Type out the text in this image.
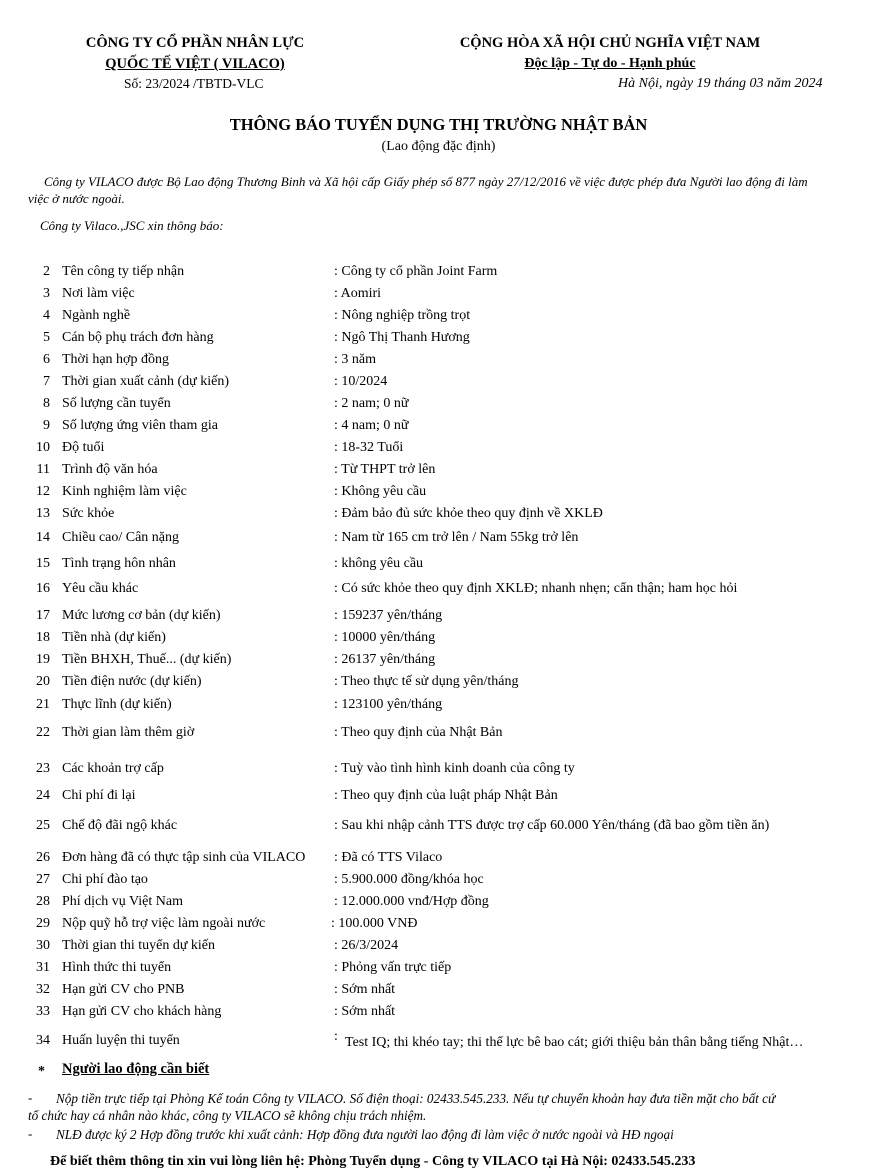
CÔNG TY CỔ PHẦN NHÂN LỰC
QUỐC TẾ VIỆT ( VILACO)
Số: 23/2024 /TBTD-VLC
CỘNG HÒA XÃ HỘI CHỦ NGHĨA VIỆT NAM
Độc lập - Tự do - Hạnh phúc
Hà Nội, ngày 19 tháng 03 năm 2024
THÔNG BÁO TUYỂN DỤNG THỊ TRƯỜNG NHẬT BẢN
(Lao động đặc định)
Công ty VILACO được Bộ Lao động Thương Binh và Xã hội cấp Giấy phép số 877 ngày 27/12/2016 về việc được phép đưa Người lao động đi làm
việc ở nước ngoài.
Công ty Vilaco.,JSC xin thông báo:
2 Tên công ty tiếp nhận	: Công ty cổ phần Joint Farm
3 Nơi làm việc	: Aomiri
4 Ngành nghề	: Nông nghiệp trồng trọt
5 Cán bộ phụ trách đơn hàng	: Ngô Thị Thanh Hương
6 Thời hạn hợp đồng	: 3 năm
7 Thời gian xuất cảnh (dự kiến)	: 10/2024
8 Số lượng cần tuyển	: 2 nam; 0 nữ
9 Số lượng ứng viên tham gia	: 4 nam; 0 nữ
10 Độ tuổi	: 18-32 Tuổi
11 Trình độ văn hóa	: Từ THPT trở lên
12 Kinh nghiệm làm việc	: Không yêu cầu
13 Sức khỏe	: Đảm bảo đủ sức khỏe theo quy định về XKLĐ
14 Chiều cao/ Cân nặng	: Nam từ 165 cm trở lên / Nam 55kg trở lên
15 Tình trạng hôn nhân	: không yêu cầu
16 Yêu cầu khác	: Có sức khỏe theo quy định XKLĐ; nhanh nhẹn; cẩn thận; ham học hỏi
17 Mức lương cơ bản (dự kiến)	: 159237 yên/tháng
18 Tiền nhà (dự kiến)	: 10000 yên/tháng
19 Tiền BHXH, Thuế... (dự kiến)	: 26137 yên/tháng
20 Tiền điện nước (dự kiến)	: Theo thực tế sử dụng yên/tháng
21 Thực lĩnh (dự kiến)	: 123100 yên/tháng
22 Thời gian làm thêm giờ	: Theo quy định của Nhật Bản
23 Các khoản trợ cấp	: Tuỳ vào tình hình kinh doanh của công ty
24 Chi phí đi lại	: Theo quy định của luật pháp Nhật Bản
25 Chế độ đãi ngộ khác	: Sau khi nhập cảnh TTS được trợ cấp 60.000 Yên/tháng (đã bao gồm tiền ăn)
26 Đơn hàng đã có thực tập sinh của VILACO : Đã có TTS Vilaco
27 Chi phí đào tạo	: 5.900.000 đồng/khóa học
28 Phí dịch vụ Việt Nam	: 12.000.000 vnđ/Hợp đồng
29 Nộp quỹ hỗ trợ việc làm ngoài nước	: 100.000 VNĐ
30 Thời gian thi tuyển dự kiến	: 26/3/2024
31 Hình thức thi tuyển	: Phỏng vấn trực tiếp
32 Hạn gửi CV cho PNB	: Sớm nhất
33 Hạn gửi CV cho khách hàng	: Sớm nhất
34 Huấn luyện thi tuyển	: Test IQ; thi khéo tay; thi thể lực bê bao cát; giới thiệu bản thân bằng tiếng Nhật…
* Người lao động cần biết
- Nộp tiền trực tiếp tại Phòng Kế toán Công ty VILACO. Số điện thoại: 02433.545.233. Nếu tự chuyển khoản hay đưa tiền mặt cho bất cứ
tổ chức hay cá nhân nào khác, công ty VILACO sẽ không chịu trách nhiệm.
- NLĐ được ký 2 Hợp đồng trước khi xuất cảnh: Hợp đồng đưa người lao động đi làm việc ở nước ngoài và HĐ ngoại
Để biết thêm thông tin xin vui lòng liên hệ: Phòng Tuyển dụng - Công ty VILACO tại Hà Nội: 02433.545.233
